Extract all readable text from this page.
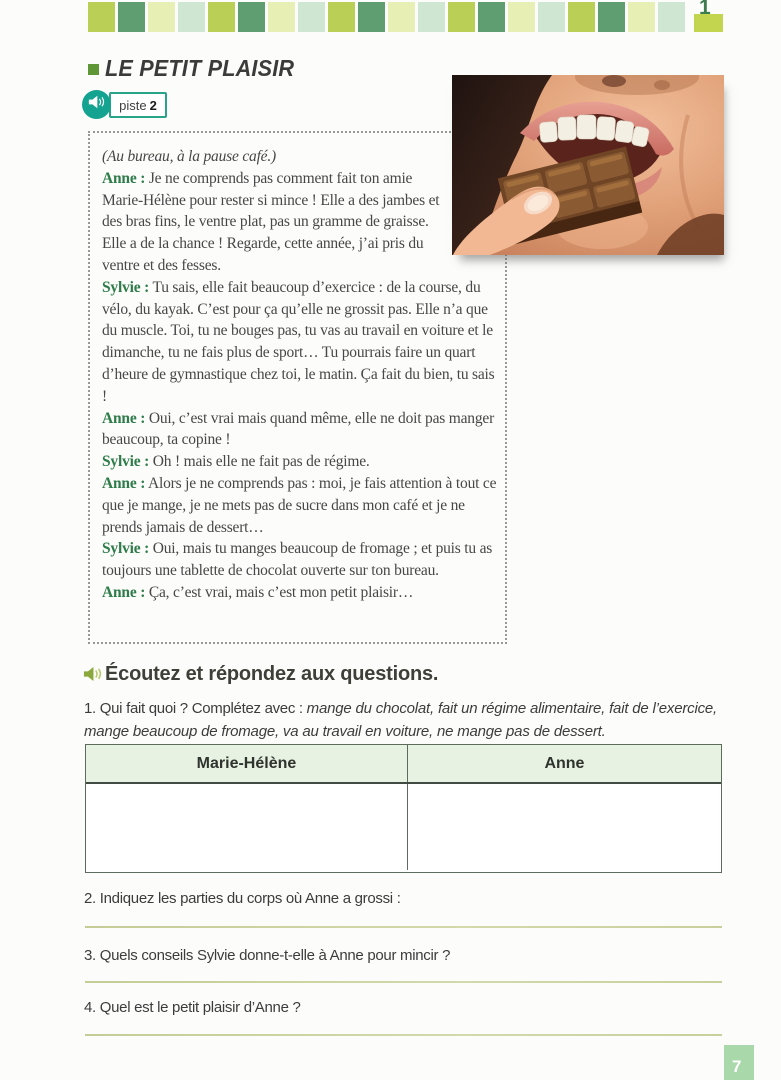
1
LE PETIT PLAISIR
piste 2

(Au bureau, à la pause café.)

Anne : Je ne comprends pas comment fait ton amie Marie-Hélène pour rester si mince ! Elle a des jambes et des bras fins, le ventre plat, pas un gramme de graisse. Elle a de la chance ! Regarde, cette année, j’ai pris du ventre et des fesses.

Sylvie : Tu sais, elle fait beaucoup d’exercice : de la course, du vélo, du kayak. C’est pour ça qu’elle ne grossit pas. Elle n’a que du muscle. Toi, tu ne bouges pas, tu vas au travail en voiture et le dimanche, tu ne fais plus de sport… Tu pourrais faire un quart d’heure de gymnastique chez toi, le matin. Ça fait du bien, tu sais !

Anne : Oui, c’est vrai mais quand même, elle ne doit pas manger beaucoup, ta copine !

Sylvie : Oh ! mais elle ne fait pas de régime.

Anne : Alors je ne comprends pas : moi, je fais attention à tout ce que je mange, je ne mets pas de sucre dans mon café et je ne prends jamais de dessert…

Sylvie : Oui, mais tu manges beaucoup de fromage ; et puis tu as toujours une tablette de chocolat ouverte sur ton bureau.

Anne : Ça, c’est vrai, mais c’est mon petit plaisir…

Écoutez et répondez aux questions.
1. Qui fait quoi ? Complétez avec : mange du chocolat, fait un régime alimentaire, fait de l’exercice, mange beaucoup de fromage, va au travail en voiture, ne mange pas de dessert.
Marie-Hélène	Anne
2. Indiquez les parties du corps où Anne a grossi :
3. Quels conseils Sylvie donne-t-elle à Anne pour mincir ?
4. Quel est le petit plaisir d’Anne ?
7
